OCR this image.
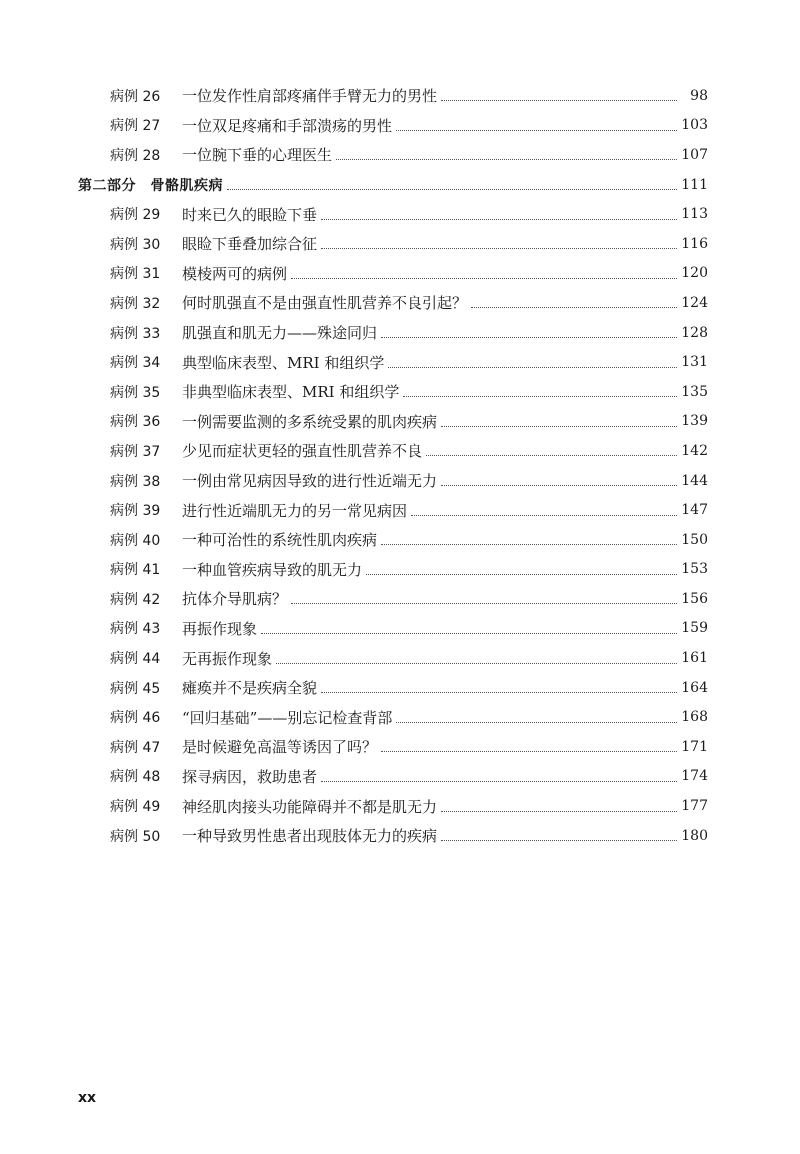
病例 26 一位发作性肩部疼痛伴手臂无力的男性	98
病例 27 一位双足疼痛和手部溃疡的男性	103
病例 28 一位腕下垂的心理医生	107
第二部分　骨骼肌疾病	111
病例 29 时来已久的眼睑下垂	113
病例 30 眼睑下垂叠加综合征	116
病例 31 模棱两可的病例	120
病例 32 何时肌强直不是由强直性肌营养不良引起？	124
病例 33 肌强直和肌无力——殊途同归	128
病例 34 典型临床表型、MRI 和组织学	131
病例 35 非典型临床表型、MRI 和组织学	135
病例 36 一例需要监测的多系统受累的肌肉疾病	139
病例 37 少见而症状更轻的强直性肌营养不良	142
病例 38 一例由常见病因导致的进行性近端无力	144
病例 39 进行性近端肌无力的另一常见病因	147
病例 40 一种可治性的系统性肌肉疾病	150
病例 41 一种血管疾病导致的肌无力	153
病例 42 抗体介导肌病？	156
病例 43 再振作现象	159
病例 44 无再振作现象	161
病例 45 瘫痪并不是疾病全貌	164
病例 46 “回归基础”——别忘记检查背部	168
病例 47 是时候避免高温等诱因了吗？	171
病例 48 探寻病因，救助患者	174
病例 49 神经肌肉接头功能障碍并不都是肌无力	177
病例 50 一种导致男性患者出现肢体无力的疾病	180
xx
